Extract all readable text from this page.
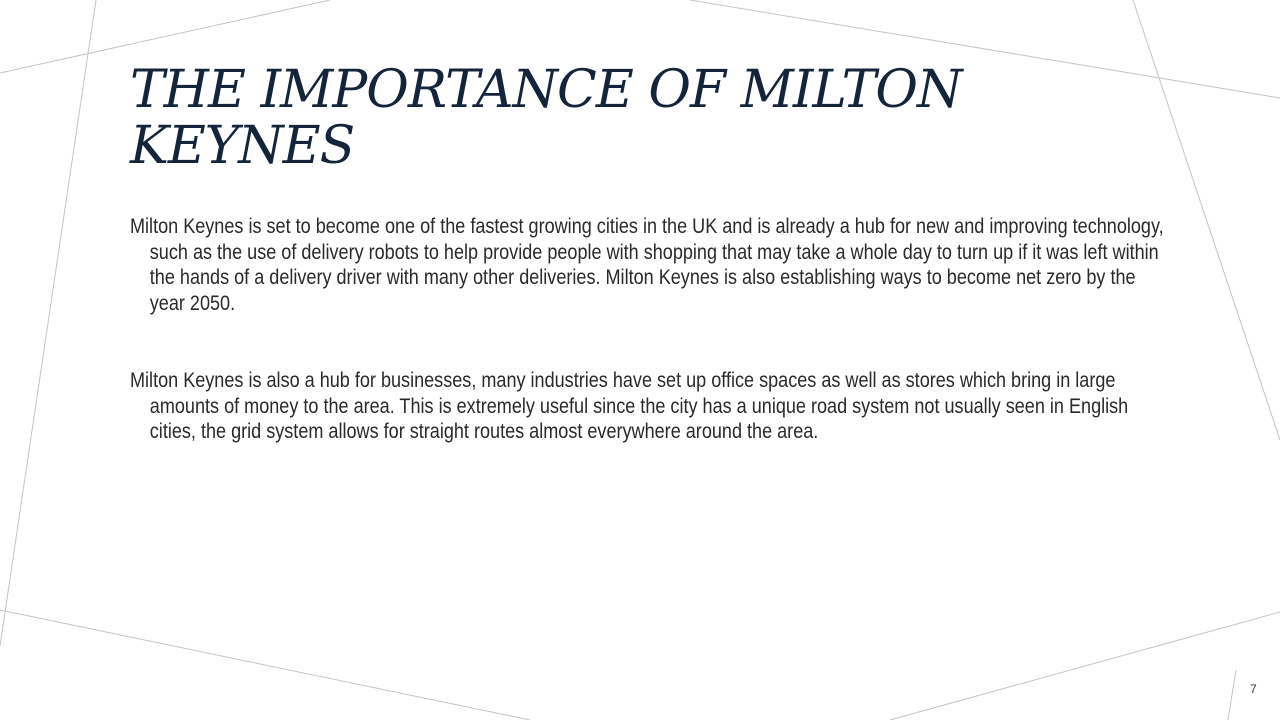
THE IMPORTANCE OF MILTON KEYNES

Milton Keynes is set to become one of the fastest growing cities in the UK and is already a hub for new and improving technology, such as the use of delivery robots to help provide people with shopping that may take a whole day to turn up if it was left within the hands of a delivery driver with many other deliveries. Milton Keynes is also establishing ways to become net zero by the year 2050.

Milton Keynes is also a hub for businesses, many industries have set up office spaces as well as stores which bring in large amounts of money to the area. This is extremely useful since the city has a unique road system not usually seen in English cities, the grid system allows for straight routes almost everywhere around the area.

7
